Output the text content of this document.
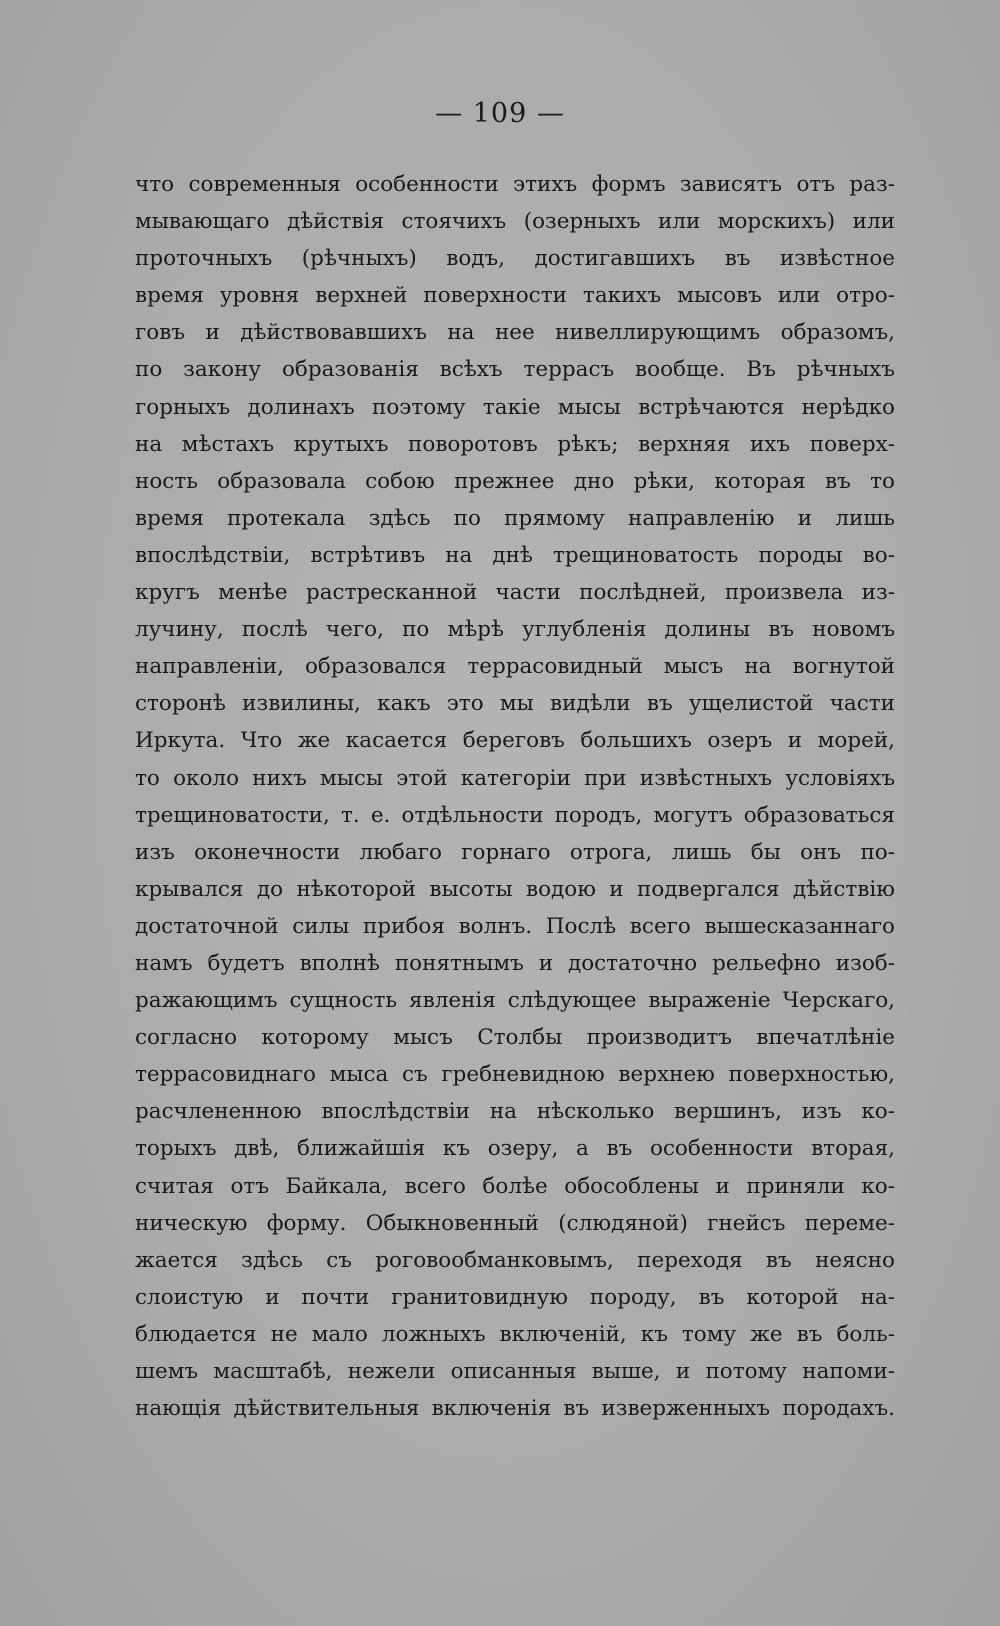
— 109 —
что современныя особенности этихъ формъ зависятъ отъ раз-
мывающаго дѣйствія стоячихъ (озерныхъ или морскихъ) или
проточныхъ (рѣчныхъ) водъ, достигавшихъ въ извѣстное
время уровня верхней поверхности такихъ мысовъ или отро-
говъ и дѣйствовавшихъ на нее нивеллирующимъ образомъ,
по закону образованія всѣхъ террасъ вообще. Въ рѣчныхъ
горныхъ долинахъ поэтому такіе мысы встрѣчаются нерѣдко
на мѣстахъ крутыхъ поворотовъ рѣкъ; верхняя ихъ поверх-
ность образовала собою прежнее дно рѣки, которая въ то
время протекала здѣсь по прямому направленію и лишь
впослѣдствіи, встрѣтивъ на днѣ трещиноватость породы во-
кругъ менѣе растресканной части послѣдней, произвела из-
лучину, послѣ чего, по мѣрѣ углубленія долины въ новомъ
направленіи, образовался террасовидный мысъ на вогнутой
сторонѣ извилины, какъ это мы видѣли въ ущелистой части
Иркута. Что же касается береговъ большихъ озеръ и морей,
то около нихъ мысы этой категоріи при извѣстныхъ условіяхъ
трещиноватости, т. е. отдѣльности породъ, могутъ образоваться
изъ оконечности любаго горнаго отрога, лишь бы онъ по-
крывался до нѣкоторой высоты водою и подвергался дѣйствію
достаточной силы прибоя волнъ. Послѣ всего вышесказаннаго
намъ будетъ вполнѣ понятнымъ и достаточно рельефно изоб-
ражающимъ сущность явленія слѣдующее выраженіе Черскаго,
согласно которому мысъ Столбы производитъ впечатлѣніе
террасовиднаго мыса съ гребневидною верхнею поверхностью,
расчлененною впослѣдствіи на нѣсколько вершинъ, изъ ко-
торыхъ двѣ, ближайшія къ озеру, а въ особенности вторая,
считая отъ Байкала, всего болѣе обособлены и приняли ко-
ническую форму. Обыкновенный (слюдяной) гнейсъ переме-
жается здѣсь съ роговообманковымъ, переходя въ неясно
слоистую и почти гранитовидную породу, въ которой на-
блюдается не мало ложныхъ включеній, къ тому же въ боль-
шемъ масштабѣ, нежели описанныя выше, и потому напоми-
нающія дѣйствительныя включенія въ изверженныхъ породахъ.
